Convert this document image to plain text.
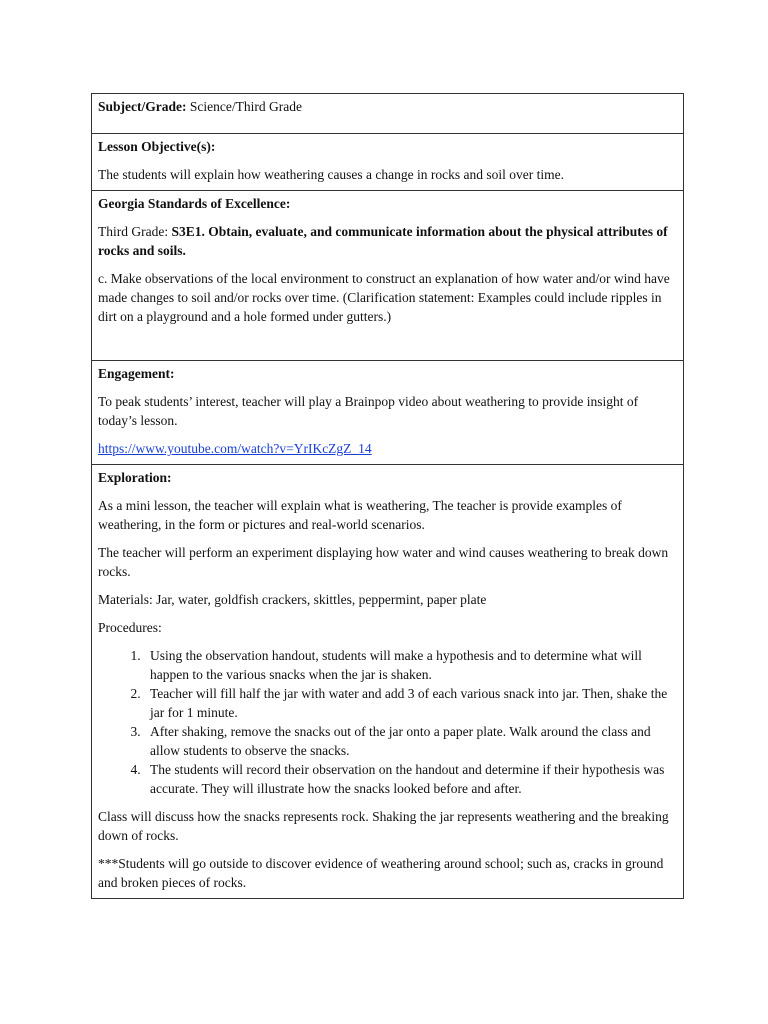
Subject/Grade: Science/Third Grade

Lesson Objective(s):

The students will explain how weathering causes a change in rocks and soil over time.

Georgia Standards of Excellence:

Third Grade: S3E1. Obtain, evaluate, and communicate information about the physical attributes of rocks and soils.

c. Make observations of the local environment to construct an explanation of how water and/or wind have made changes to soil and/or rocks over time. (Clarification statement: Examples could include ripples in dirt on a playground and a hole formed under gutters.)

Engagement:

To peak students’ interest, teacher will play a Brainpop video about weathering to provide insight of today’s lesson.

https://www.youtube.com/watch?v=YrIKcZgZ_14

Exploration:

As a mini lesson, the teacher will explain what is weathering, The teacher is provide examples of weathering, in the form or pictures and real-world scenarios.

The teacher will perform an experiment displaying how water and wind causes weathering to break down rocks.

Materials: Jar, water, goldfish crackers, skittles, peppermint, paper plate

Procedures:

1. Using the observation handout, students will make a hypothesis and to determine what will happen to the various snacks when the jar is shaken.
2. Teacher will fill half the jar with water and add 3 of each various snack into jar. Then, shake the jar for 1 minute.
3. After shaking, remove the snacks out of the jar onto a paper plate. Walk around the class and allow students to observe the snacks.
4. The students will record their observation on the handout and determine if their hypothesis was accurate. They will illustrate how the snacks looked before and after.

Class will discuss how the snacks represents rock. Shaking the jar represents weathering and the breaking down of rocks.

***Students will go outside to discover evidence of weathering around school; such as, cracks in ground and broken pieces of rocks.
